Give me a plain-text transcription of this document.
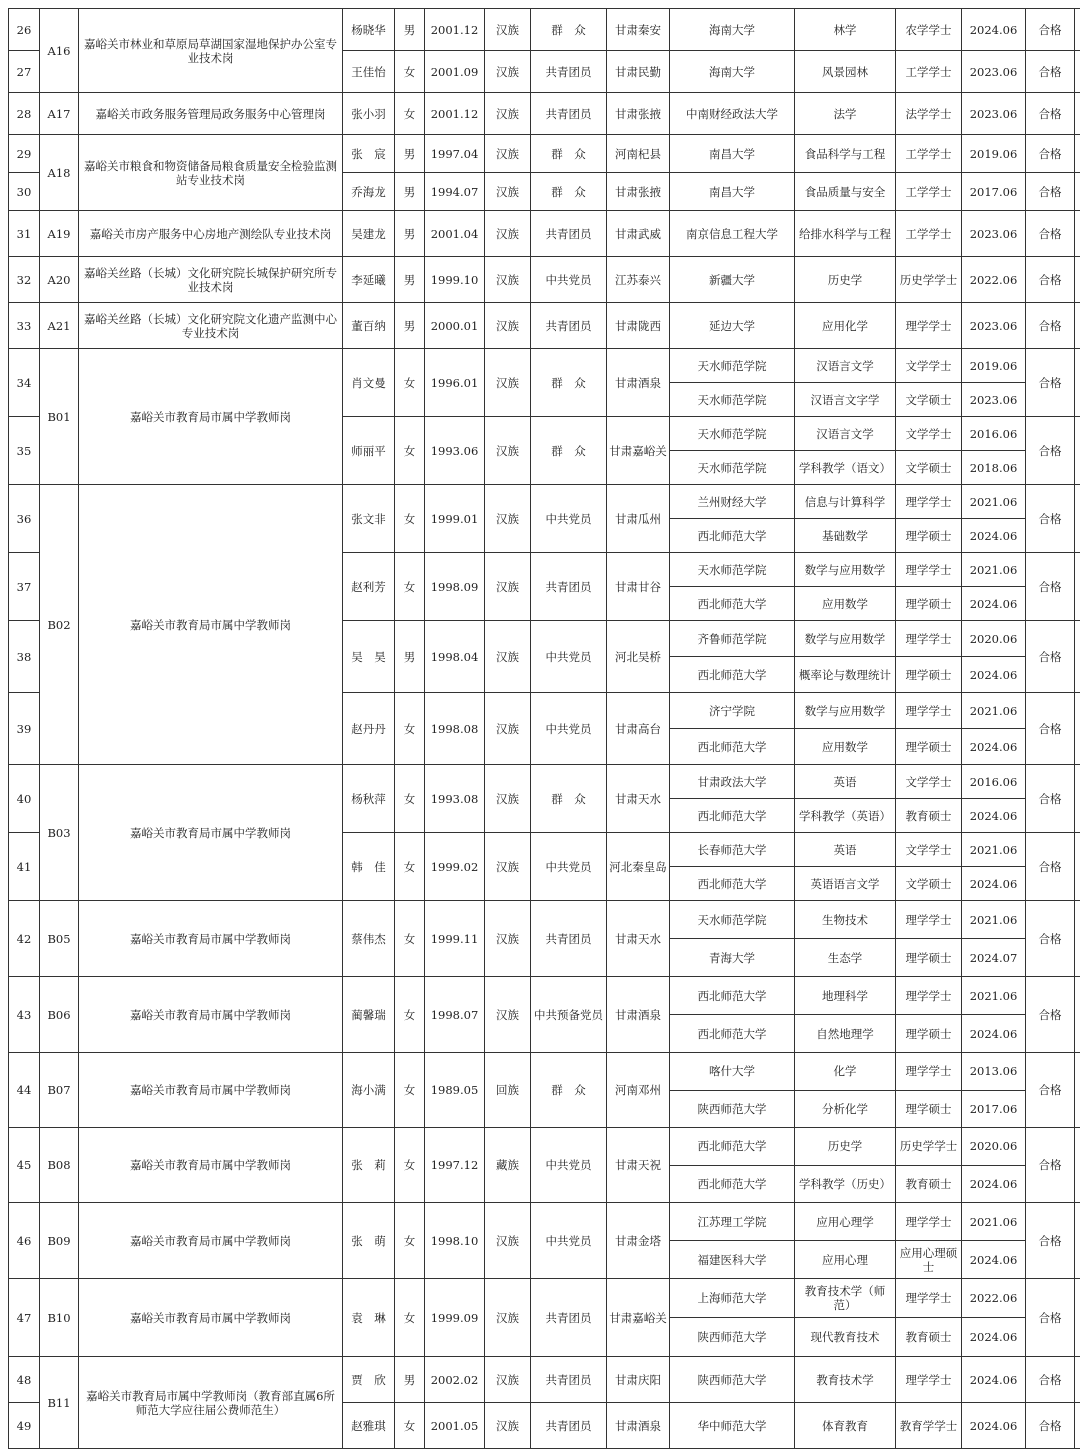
26	A16	嘉峪关市林业和草原局草湖国家湿地保护办公室专业技术岗	杨晓华	男	2001.12	汉族	群　众	甘肃秦安	海南大学	林学	农学学士	2024.06	合格	
27			王佳怡	女	2001.09	汉族	共青团员	甘肃民勤	海南大学	风景园林	工学学士	2023.06	合格	
28	A17	嘉峪关市政务服务管理局政务服务中心管理岗	张小羽	女	2001.12	汉族	共青团员	甘肃张掖	中南财经政法大学	法学	法学学士	2023.06	合格	
29	A18	嘉峪关市粮食和物资储备局粮食质量安全检验监测站专业技术岗	张　宸	男	1997.04	汉族	群　众	河南杞县	南昌大学	食品科学与工程	工学学士	2019.06	合格	
30			乔海龙	男	1994.07	汉族	群　众	甘肃张掖	南昌大学	食品质量与安全	工学学士	2017.06	合格	
31	A19	嘉峪关市房产服务中心房地产测绘队专业技术岗	吴建龙	男	2001.04	汉族	共青团员	甘肃武威	南京信息工程大学	给排水科学与工程	工学学士	2023.06	合格	
32	A20	嘉峪关丝路（长城）文化研究院长城保护研究所专业技术岗	李延曦	男	1999.10	汉族	中共党员	江苏泰兴	新疆大学	历史学	历史学学士	2022.06	合格	
33	A21	嘉峪关丝路（长城）文化研究院文化遗产监测中心专业技术岗	董百纳	男	2000.01	汉族	共青团员	甘肃陇西	延边大学	应用化学	理学学士	2023.06	合格	
34	B01	嘉峪关市教育局市属中学教师岗	肖文曼	女	1996.01	汉族	群　众	甘肃酒泉	天水师范学院	汉语言文学	文学学士	2019.06	合格	
									天水师范学院	汉语言文字学	文学硕士	2023.06		
35			师丽平	女	1993.06	汉族	群　众	甘肃嘉峪关	天水师范学院	汉语言文学	文学学士	2016.06	合格	
									天水师范学院	学科教学（语文）	文学硕士	2018.06		
36	B02	嘉峪关市教育局市属中学教师岗	张文非	女	1999.01	汉族	中共党员	甘肃瓜州	兰州财经大学	信息与计算科学	理学学士	2021.06	合格	
									西北师范大学	基础数学	理学硕士	2024.06		
37			赵利芳	女	1998.09	汉族	共青团员	甘肃甘谷	天水师范学院	数学与应用数学	理学学士	2021.06	合格	
									西北师范大学	应用数学	理学硕士	2024.06		
38			吴　昊	男	1998.04	汉族	中共党员	河北吴桥	齐鲁师范学院	数学与应用数学	理学学士	2020.06	合格	
									西北师范大学	概率论与数理统计	理学硕士	2024.06		
39			赵丹丹	女	1998.08	汉族	中共党员	甘肃高台	济宁学院	数学与应用数学	理学学士	2021.06	合格	
									西北师范大学	应用数学	理学硕士	2024.06		
40	B03	嘉峪关市教育局市属中学教师岗	杨秋萍	女	1993.08	汉族	群　众	甘肃天水	甘肃政法大学	英语	文学学士	2016.06	合格	
									西北师范大学	学科教学（英语）	教育硕士	2024.06		
41			韩　佳	女	1999.02	汉族	中共党员	河北秦皇岛	长春师范大学	英语	文学学士	2021.06	合格	
									西北师范大学	英语语言文学	文学硕士	2024.06		
42	B05	嘉峪关市教育局市属中学教师岗	蔡伟杰	女	1999.11	汉族	共青团员	甘肃天水	天水师范学院	生物技术	理学学士	2021.06	合格	
									青海大学	生态学	理学硕士	2024.07		
43	B06	嘉峪关市教育局市属中学教师岗	蔺馨瑞	女	1998.07	汉族	中共预备党员	甘肃酒泉	西北师范大学	地理科学	理学学士	2021.06	合格	
									西北师范大学	自然地理学	理学硕士	2024.06		
44	B07	嘉峪关市教育局市属中学教师岗	海小满	女	1989.05	回族	群　众	河南邓州	喀什大学	化学	理学学士	2013.06	合格	
									陕西师范大学	分析化学	理学硕士	2017.06		
45	B08	嘉峪关市教育局市属中学教师岗	张　莉	女	1997.12	藏族	中共党员	甘肃天祝	西北师范大学	历史学	历史学学士	2020.06	合格	
									西北师范大学	学科教学（历史）	教育硕士	2024.06		
46	B09	嘉峪关市教育局市属中学教师岗	张　萌	女	1998.10	汉族	中共党员	甘肃金塔	江苏理工学院	应用心理学	理学学士	2021.06	合格	
									福建医科大学	应用心理	应用心理硕士	2024.06		
47	B10	嘉峪关市教育局市属中学教师岗	袁　琳	女	1999.09	汉族	共青团员	甘肃嘉峪关	上海师范大学	教育技术学（师范）	理学学士	2022.06	合格	
									陕西师范大学	现代教育技术	教育硕士	2024.06		
48	B11	嘉峪关市教育局市属中学教师岗（教育部直属6所师范大学应往届公费师范生）	贾　欣	男	2002.02	汉族	共青团员	甘肃庆阳	陕西师范大学	教育技术学	理学学士	2024.06	合格	
49			赵雅琪	女	2001.05	汉族	共青团员	甘肃酒泉	华中师范大学	体育教育	教育学学士	2024.06	合格	
